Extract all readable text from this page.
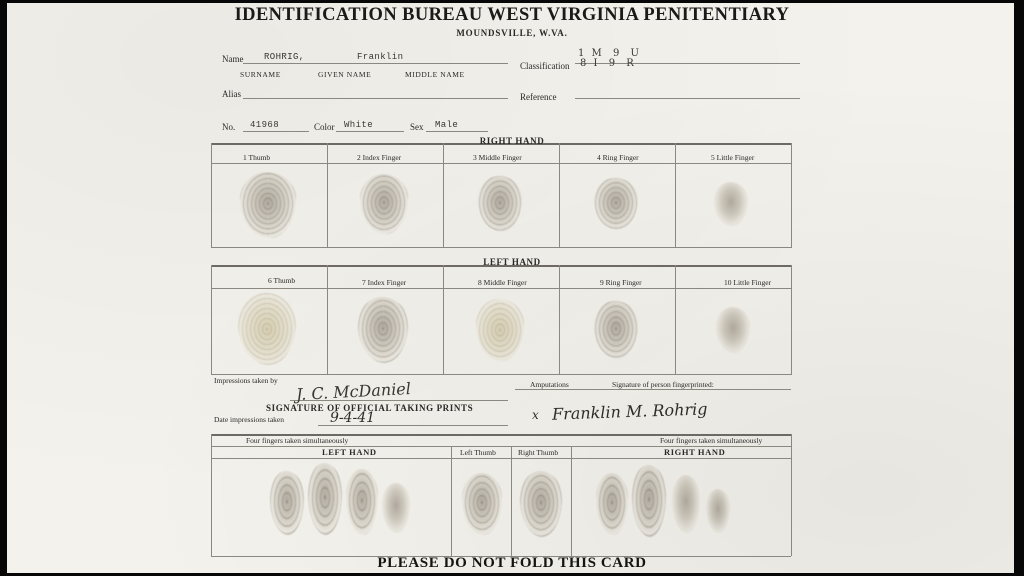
IDENTIFICATION BUREAU WEST VIRGINIA PENITENTIARY
MOUNDSVILLE, W.VA.
Name ROHRIG,	Franklin
SURNAME	GIVEN NAME	MIDDLE NAME
Classification
1 M 9 U
8 I 9 R
Alias	Reference
No. 41968	Color White	Sex Male
RIGHT HAND
1 Thumb	2 Index Finger	3 Middle Finger	4 Ring Finger	5 Little Finger
LEFT HAND
6 Thumb	7 Index Finger	8 Middle Finger	9 Ring Finger	10 Little Finger
Impressions taken by J. C. McDaniel
SIGNATURE OF OFFICIAL TAKING PRINTS
Date impressions taken	9-4-41
Amputations	Signature of person fingerprinted:
x Franklin M. Rohrig
Four fingers taken simultaneously	Four fingers taken simultaneously
LEFT HAND	Left Thumb	Right Thumb	RIGHT HAND
PLEASE DO NOT FOLD THIS CARD
